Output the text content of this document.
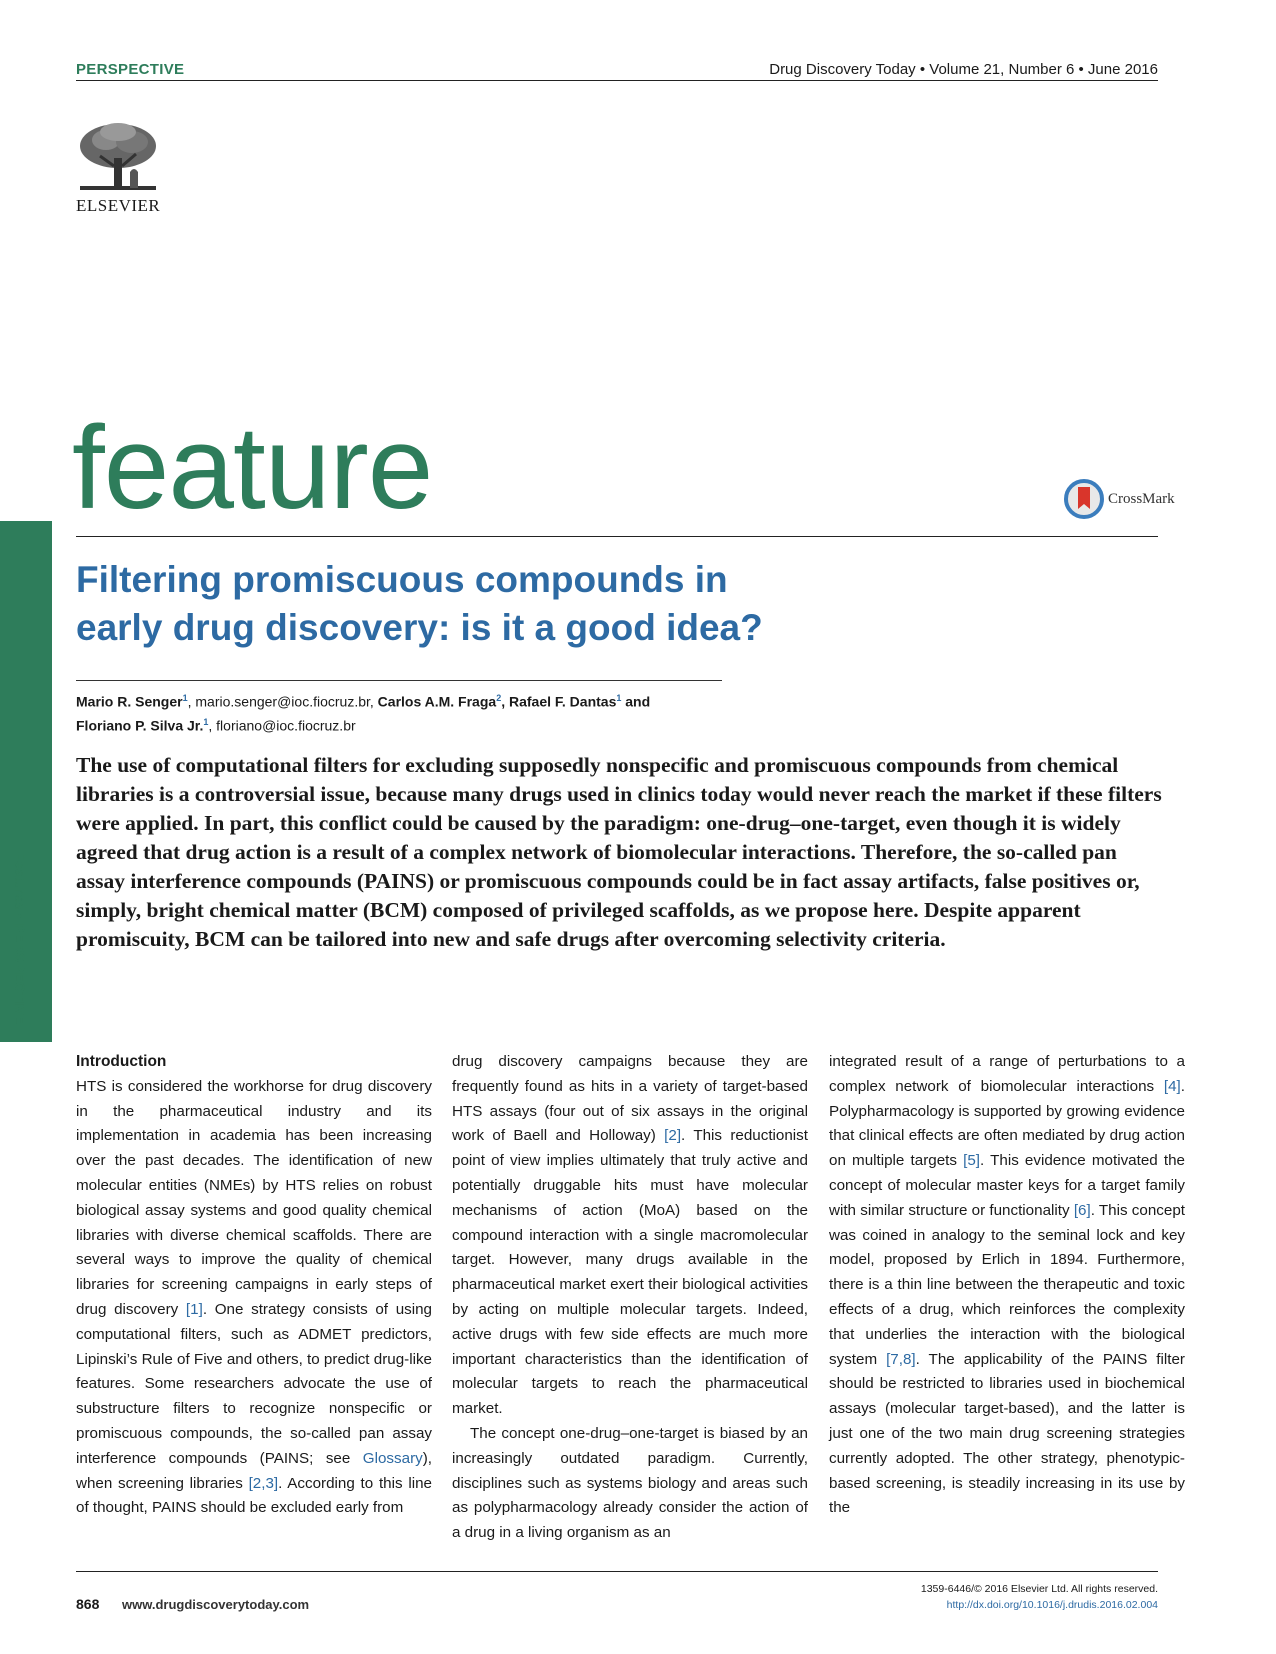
PERSPECTIVE	Drug Discovery Today • Volume 21, Number 6 • June 2016
ELSEVIER
feature	CrossMark
Filtering promiscuous compounds in
early drug discovery: is it a good idea?
Mario R. Senger$^1$, mario.senger@ioc.fiocruz.br, Carlos A.M. Fraga$^2$, Rafael F. Dantas$^1$ and
Floriano P. Silva Jr.$^1$, floriano@ioc.fiocruz.br

The use of computational filters for excluding supposedly nonspecific and promiscuous compounds from chemical libraries is a controversial issue, because many drugs used in clinics today would never reach the market if these filters were applied. In part, this conflict could be caused by the paradigm: one-drug–one-target, even though it is widely agreed that drug action is a result of a complex network of biomolecular interactions. Therefore, the so-called pan assay interference compounds (PAINS) or promiscuous compounds could be in fact assay artifacts, false positives or, simply, bright chemical matter (BCM) composed of privileged scaffolds, as we propose here. Despite apparent promiscuity, BCM can be tailored into new and safe drugs after overcoming selectivity criteria.

Features • PERSPECTIVE

Introduction

HTS is considered the workhorse for drug discovery in the pharmaceutical industry and its implementation in academia has been increasing over the past decades. The identification of new molecular entities (NMEs) by HTS relies on robust biological assay systems and good quality chemical libraries with diverse chemical scaffolds. There are several ways to improve the quality of chemical libraries for screening campaigns in early steps of drug discovery [1]. One strategy consists of using computational filters, such as ADMET predictors, Lipinski’s Rule of Five and others, to predict drug-like features. Some researchers advocate the use of substructure filters to recognize nonspecific or promiscuous compounds, the so-called pan assay interference compounds (PAINS; see Glossary), when screening libraries [2,3]. According to this line of thought, PAINS should be excluded early from

drug discovery campaigns because they are frequently found as hits in a variety of target-based HTS assays (four out of six assays in the original work of Baell and Holloway) [2]. This reductionist point of view implies ultimately that truly active and potentially druggable hits must have molecular mechanisms of action (MoA) based on the compound interaction with a single macromolecular target. However, many drugs available in the pharmaceutical market exert their biological activities by acting on multiple molecular targets. Indeed, active drugs with few side effects are much more important characteristics than the identification of molecular targets to reach the pharmaceutical market.

The concept one-drug–one-target is biased by an increasingly outdated paradigm. Currently, disciplines such as systems biology and areas such as polypharmacology already consider the action of a drug in a living organism as an

integrated result of a range of perturbations to a complex network of biomolecular interactions [4]. Polypharmacology is supported by growing evidence that clinical effects are often mediated by drug action on multiple targets [5]. This evidence motivated the concept of molecular master keys for a target family with similar structure or functionality [6]. This concept was coined in analogy to the seminal lock and key model, proposed by Erlich in 1894. Furthermore, there is a thin line between the therapeutic and toxic effects of a drug, which reinforces the complexity that underlies the interaction with the biological system [7,8]. The applicability of the PAINS filter should be restricted to libraries used in biochemical assays (molecular target-based), and the latter is just one of the two main drug screening strategies currently adopted. The other strategy, phenotypic-based screening, is steadily increasing in its use by the

868 www.drugdiscoverytoday.com
1359-6446/© 2016 Elsevier Ltd. All rights reserved.
http://dx.doi.org/10.1016/j.drudis.2016.02.004
